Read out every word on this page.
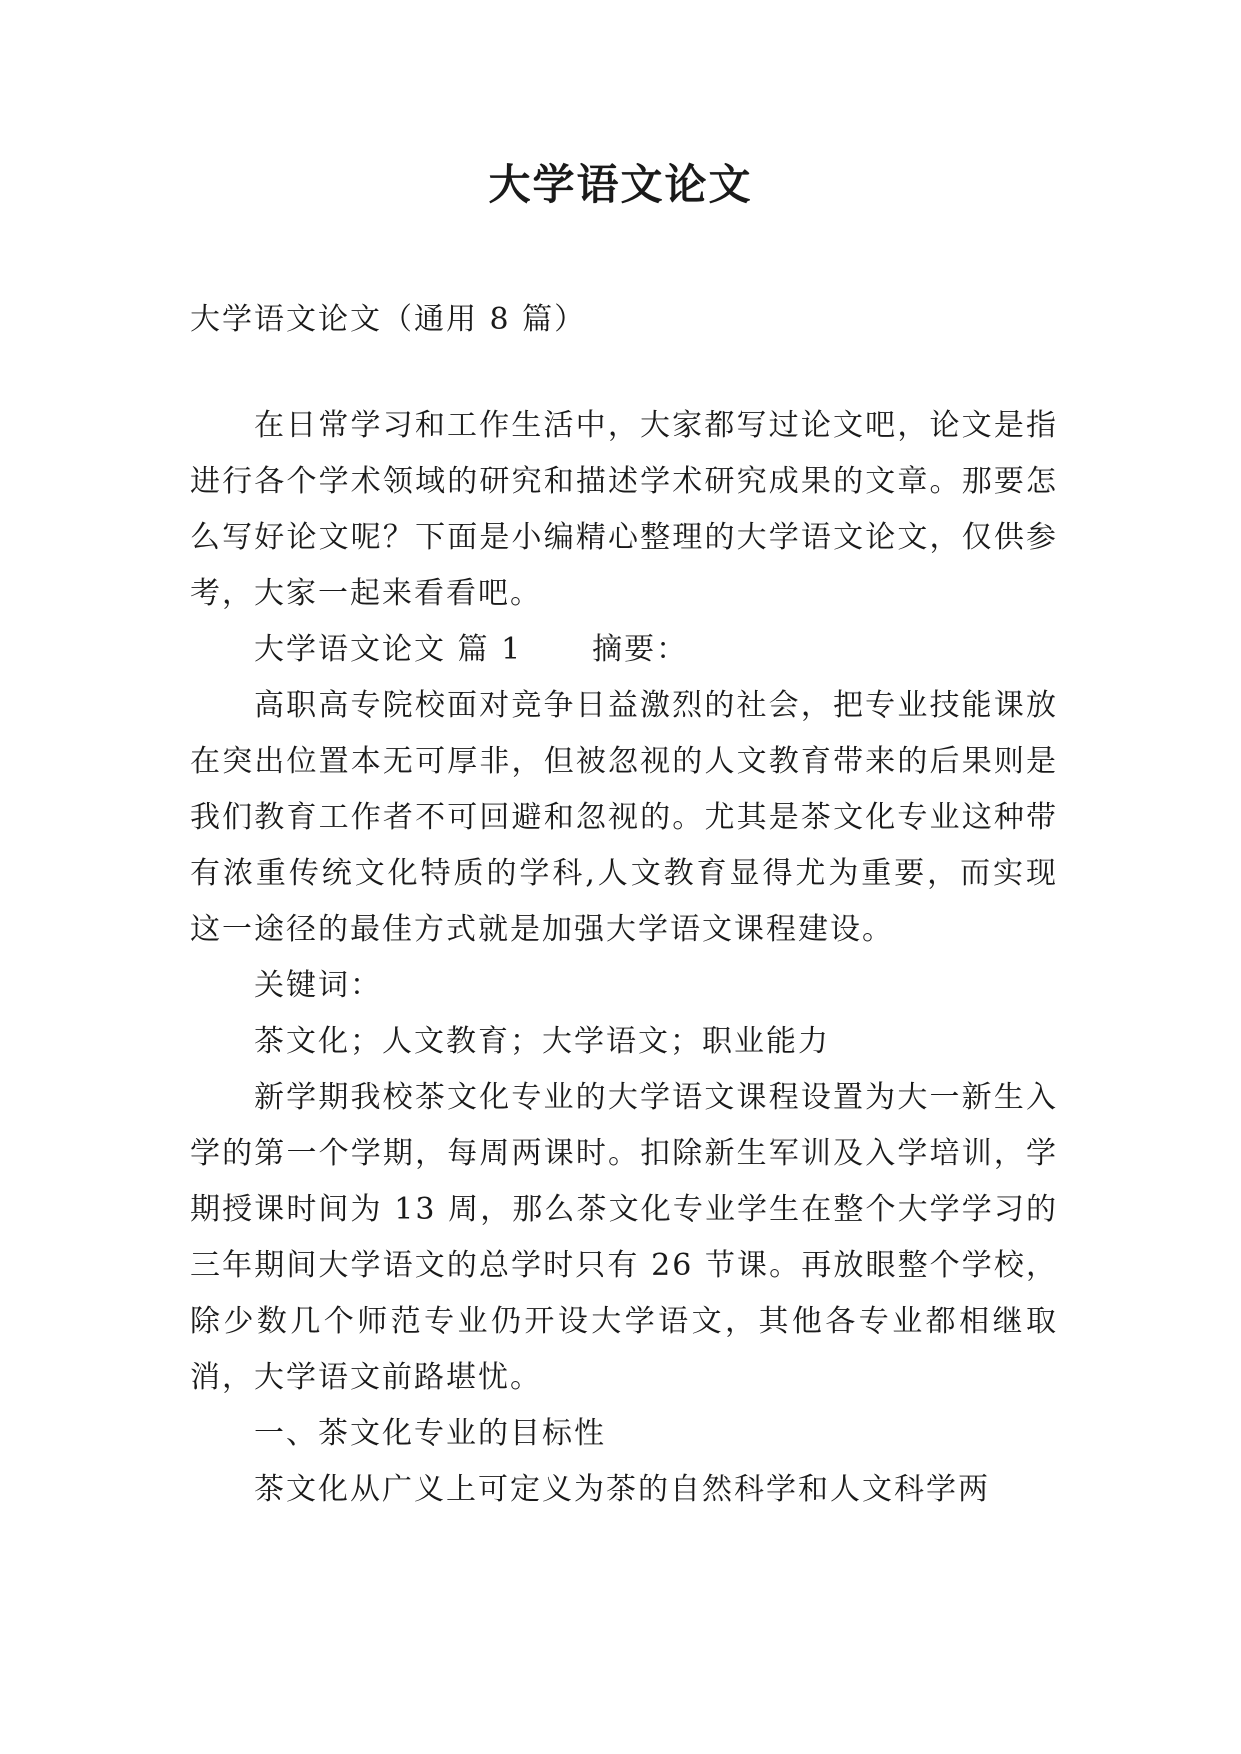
大学语文论文

大学语文论文（通用 8 篇）

在日常学习和工作生活中，大家都写过论文吧，论文是指进行各个学术领域的研究和描述学术研究成果的文章。那要怎么写好论文呢？下面是小编精心整理的大学语文论文，仅供参考，大家一起来看看吧。

大学语文论文 篇 1 摘要：

高职高专院校面对竞争日益激烈的社会，把专业技能课放在突出位置本无可厚非，但被忽视的人文教育带来的后果则是我们教育工作者不可回避和忽视的。尤其是茶文化专业这种带有浓重传统文化特质的学科,人文教育显得尤为重要，而实现这一途径的最佳方式就是加强大学语文课程建设。

关键词：

茶文化；人文教育；大学语文；职业能力

新学期我校茶文化专业的大学语文课程设置为大一新生入学的第一个学期，每周两课时。扣除新生军训及入学培训，学期授课时间为 13 周，那么茶文化专业学生在整个大学学习的三年期间大学语文的总学时只有 26 节课。再放眼整个学校，除少数几个师范专业仍开设大学语文，其他各专业都相继取消，大学语文前路堪忧。

一、茶文化专业的目标性

茶文化从广义上可定义为茶的自然科学和人文科学两
